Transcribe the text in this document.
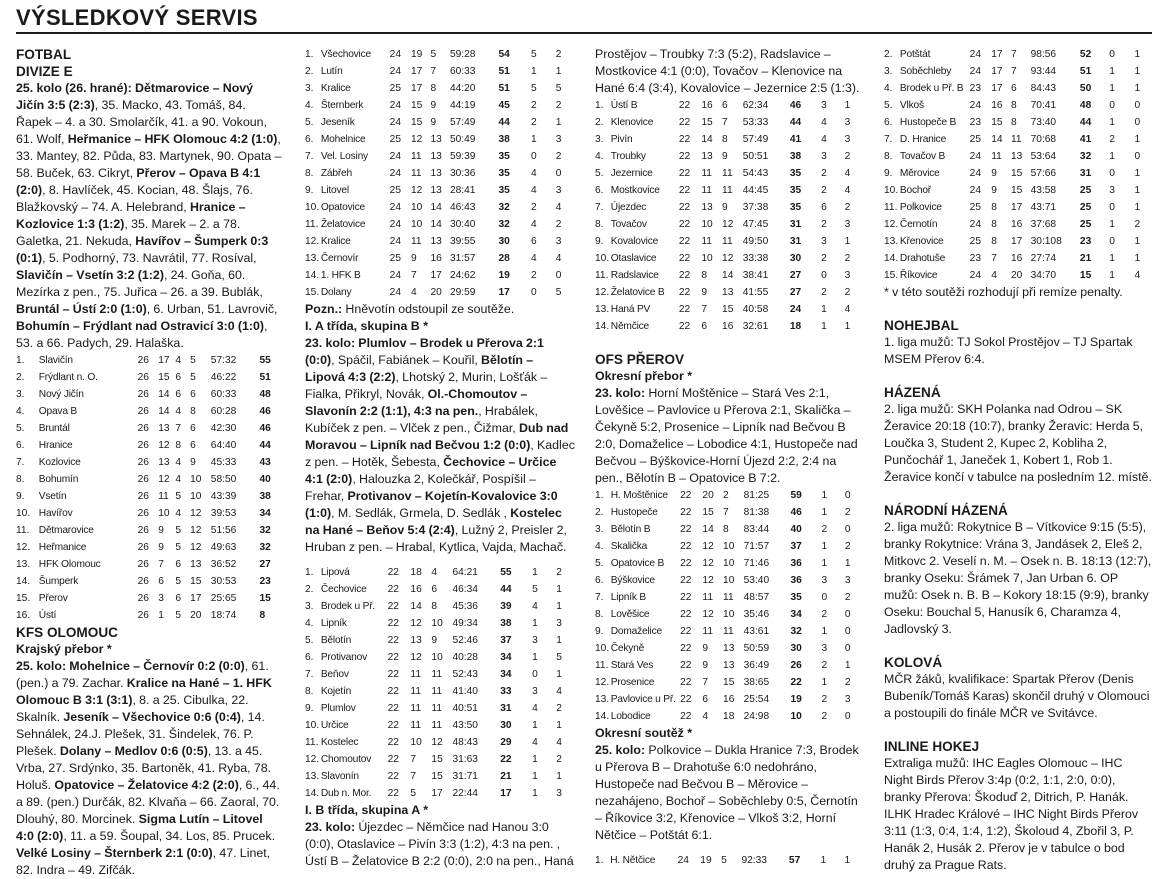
VÝSLEDKOVÝ SERVIS

FOTBAL

DIVIZE E

25. kolo (26. hrané): Dětmarovice – Nový Jičín 3:5 (2:3), 35. Macko, 43. Tomáš, 84. Řapek – 4. a 30. Smolarčík, 41. a 90. Vokoun, 61. Wolf, Heřmanice – HFK Olomouc 4:2 (1:0), 33. Mantey, 82. Půda, 83. Martynek, 90. Opata – 58. Buček, 63. Cikryt, Přerov – Opava B 4:1 (2:0), 8. Havlíček, 45. Kocian, 48. Šlajs, 76. Blažkovský – 74. A. Helebrand, Hranice – Kozlovice 1:3 (1:2), 35. Marek – 2. a 78. Galetka, 21. Nekuda, Havířov – Šumperk 0:3 (0:1), 5. Podhorný, 73. Navrátil, 77. Rosíval, Slavičín – Vsetín 3:2 (1:2), 24. Goňa, 60. Mezírka z pen., 75. Juřica – 26. a 39. Bublák, Bruntál – Ústí 2:0 (1:0), 6. Urban, 51. Lavrovič, Bohumín – Frýdlant nad Ostravicí 3:0 (1:0), 53. a 66. Padych, 29. Halaška.

1.	Slavičín	26	17	4	5	57:32	55
2.	Frýdlant n. O.	26	15	6	5	46:22	51
3.	Nový Jičín	26	14	6	6	60:33	48
4.	Opava B	26	14	4	8	60:28	46
5.	Bruntál	26	13	7	6	42:30	46
6.	Hranice	26	12	8	6	64:40	44
7.	Kozlovice	26	13	4	9	45:33	43
8.	Bohumín	26	12	4	10	58:50	40
9.	Vsetín	26	11	5	10	43:39	38
10.	Havířov	26	10	4	12	39:53	34
11.	Dětmarovice	26	9	5	12	51:56	32
12.	Heřmanice	26	9	5	12	49:63	32
13.	HFK Olomouc	26	7	6	13	36:52	27
14.	Šumperk	26	6	5	15	30:53	23
15.	Přerov	26	3	6	17	25:65	15
16.	Ústí	26	1	5	20	18:74	8

KFS OLOMOUC

Krajský přebor *

25. kolo: Mohelnice – Černovír 0:2 (0:0), 61. (pen.) a 79. Zachar. Kralice na Hané – 1. HFK Olomouc B 3:1 (3:1), 8. a 25. Cibulka, 22. Skalník. Jeseník – Všechovice 0:6 (0:4), 14. Sehnálek, 24.J. Plešek, 31. Šindelek, 76. P. Plešek. Dolany – Medlov 0:6 (0:5), 13. a 45. Vrba, 27. Srdýnko, 35. Bartoněk, 41. Ryba, 78. Holuš. Opatovice – Želatovice 4:2 (2:0), 6., 44. a 89. (pen.) Durčák, 82. Klvaňa – 66. Zaoral, 70. Dlouhý, 80. Morcinek. Sigma Lutín – Litovel 4:0 (2:0), 11. a 59. Šoupal, 34. Los, 85. Prucek. Velké Losiny – Šternberk 2:1 (0:0), 47. Linet, 82. Indra – 49. Zifčák.

1.	Všechovice	24	19	5	59:28	54	5	2
2.	Lutín	24	17	7	60:33	51	1	1
3.	Kralice	25	17	8	44:20	51	5	5
4.	Šternberk	24	15	9	44:19	45	2	2
5.	Jeseník	24	15	9	57:49	44	2	1
6.	Mohelnice	25	12	13	50:49	38	1	3
7.	Vel. Losiny	24	11	13	59:39	35	0	2
8.	Zábřeh	24	11	13	30:36	35	4	0
9.	Litovel	25	12	13	28:41	35	4	3
10.	Opatovice	24	10	14	46:43	32	2	4
11.	Želatovice	24	10	14	30:40	32	4	2
12.	Kralice	24	11	13	39:55	30	6	3
13.	Černovír	25	9	16	31:57	28	4	4
14.	1. HFK B	24	7	17	24:62	19	2	0
15.	Dolany	24	4	20	29:59	17	0	5

Pozn.: Hněvotín odstoupil ze soutěže.

I. A třída, skupina B *

23. kolo: Plumlov – Brodek u Přerova 2:1 (0:0), Spáčil, Fabiánek – Kouřil, Bělotín – Lipová 4:3 (2:2), Lhotský 2, Murin, Lošťák – Fialka, Přikryl, Novák, Ol.-Chomoutov – Slavonín 2:2 (1:1), 4:3 na pen., Hrabálek, Kubíček z pen. – Vlček z pen., Čižmar, Dub nad Moravou – Lipník nad Bečvou 1:2 (0:0), Kadlec z pen. – Hotěk, Šebesta, Čechovice – Určice 4:1 (2:0), Halouzka 2, Kolečkář, Pospíšil – Frehar, Protivanov – Kojetín-Kovalovice 3:0 (1:0), M. Sedlák, Grmela, D. Sedlák , Kostelec na Hané – Beňov 5:4 (2:4), Lužný 2, Preisler 2, Hruban z pen. – Hrabal, Kytlica, Vajda, Machač.

1.	Lipová	22	18	4	64:21	55	1	2
2.	Čechovice	22	16	6	46:34	44	5	1
3.	Brodek u Př.	22	14	8	45:36	39	4	1
4.	Lipník	22	12	10	49:34	38	1	3
5.	Bělotín	22	13	9	52:46	37	3	1
6.	Protivanov	22	12	10	40:28	34	1	5
7.	Beňov	22	11	11	52:43	34	0	1
8.	Kojetín	22	11	11	41:40	33	3	4
9.	Plumlov	22	11	11	40:51	31	4	2
10.	Určice	22	11	11	43:50	30	1	1
11.	Kostelec	22	10	12	48:43	29	4	4
12.	Chomoutov	22	7	15	31:63	22	1	2
13.	Slavonín	22	7	15	31:71	21	1	1
14.	Dub n. Mor.	22	5	17	22:44	17	1	3

I. B třída, skupina A *

23. kolo: Újezdec – Němčice nad Hanou 3:0 (0:0), Otaslavice – Pivín 3:3 (1:2), 4:3 na pen. , Ústí B – Želatovice B 2:2 (0:0), 2:0 na pen., Haná

Prostějov – Troubky 7:3 (5:2), Radslavice – Mostkovice 4:1 (0:0), Tovačov – Klenovice na Hané 6:4 (3:4), Kovalovice – Jezernice 2:5 (1:3).

1.	Ústí B	22	16	6	62:34	46	3	1
2.	Klenovice	22	15	7	53:33	44	4	3
3.	Pivín	22	14	8	57:49	41	4	3
4.	Troubky	22	13	9	50:51	38	3	2
5.	Jezernice	22	11	11	54:43	35	2	4
6.	Mostkovice	22	11	11	44:45	35	2	4
7.	Újezdec	22	13	9	37:38	35	6	2
8.	Tovačov	22	10	12	47:45	31	2	3
9.	Kovalovice	22	11	11	49:50	31	3	1
10.	Otaslavice	22	10	12	33:38	30	2	2
11.	Radslavice	22	8	14	38:41	27	0	3
12.	Želatovice B	22	9	13	41:55	27	2	2
13.	Haná PV	22	7	15	40:58	24	1	4
14.	Němčice	22	6	16	32:61	18	1	1

OFS PŘEROV

Okresní přebor *

23. kolo: Horní Moštěnice – Stará Ves 2:1, Lověšice – Pavlovice u Přerova 2:1, Skalička – Čekyně 5:2, Prosenice – Lipník nad Bečvou B 2:0, Domaželice – Lobodice 4:1, Hustopeče nad Bečvou – Býškovice-Horní Újezd 2:2, 2:4 na pen., Bělotín B – Opatovice B 7:2.

1.	H. Moštěnice	22	20	2	81:25	59	1	0
2.	Hustopeče	22	15	7	81:38	46	1	2
3.	Bělotín B	22	14	8	83:44	40	2	0
4.	Skalička	22	12	10	71:57	37	1	2
5.	Opatovice B	22	12	10	71:46	36	1	1
6.	Býškovice	22	12	10	53:40	36	3	3
7.	Lipník B	22	11	11	48:57	35	0	2
8.	Lověšice	22	12	10	35:46	34	2	0
9.	Domaželice	22	11	11	43:61	32	1	0
10.	Čekyně	22	9	13	50:59	30	3	0
11.	Stará Ves	22	9	13	36:49	26	2	1
12.	Prosenice	22	7	15	38:65	22	1	2
13.	Pavlovice u Př.	22	6	16	25:54	19	2	3
14.	Lobodice	22	4	18	24:98	10	2	0

Okresní soutěž *

25. kolo: Polkovice – Dukla Hranice 7:3, Brodek u Přerova B – Drahotuše 6:0 nedohráno, Hustopeče nad Bečvou B – Měrovice – nezahájeno, Bochoř – Soběchleby 0:5, Černotín – Říkovice 3:2, Křenovice – Vlkoš 3:2, Horní Nětčice – Potštát 6:1.

1.	H. Nětčice	24	19	5	92:33	57	1	1
2.	Potštát	24	17	7	98:56	52	0	1
3.	Soběchleby	24	17	7	93:44	51	1	1
4.	Brodek u Př. B	23	17	6	84:43	50	1	1
5.	Vlkoš	24	16	8	70:41	48	0	0
6.	Hustopeče B	23	15	8	73:40	44	1	0
7.	D. Hranice	25	14	11	70:68	41	2	1
8.	Tovačov B	24	11	13	53:64	32	1	0
9.	Měrovice	24	9	15	57:66	31	0	1
10.	Bochoř	24	9	15	43:58	25	3	1
11.	Polkovice	25	8	17	43:71	25	0	1
12.	Černotín	24	8	16	37:68	25	1	2
13.	Křenovice	25	8	17	30:108	23	0	1
14.	Drahotuše	23	7	16	27:74	21	1	1
15.	Říkovice	24	4	20	34:70	15	1	4

* v této soutěži rozhodují při remíze penalty.

NOHEJBAL

1. liga mužů: TJ Sokol Prostějov – TJ Spartak MSEM Přerov 6:4.

HÁZENÁ

2. liga mužů: SKH Polanka nad Odrou – SK Žeravice 20:18 (10:7), branky Žeravic: Herda 5, Loučka 3, Student 2, Kupec 2, Kobliha 2, Punčochář 1, Janeček 1, Kobert 1, Rob 1. Žeravice končí v tabulce na posledním 12. místě.

NÁRODNÍ HÁZENÁ

2. liga mužů: Rokytnice B – Vítkovice 9:15 (5:5), branky Rokytnice: Vrána 3, Jandásek 2, Eleš 2, Mitkovc 2. Veselí n. M. – Osek n. B. 18:13 (12:7), branky Oseku: Šrámek 7, Jan Urban 6. OP mužů: Osek n. B. B – Kokory 18:15 (9:9), branky Oseku: Bouchal 5, Hanusík 6, Charamza 4, Jadlovský 3.

KOLOVÁ

MČR žáků, kvalifikace: Spartak Přerov (Denis Bubeník/Tomáš Karas) skončil druhý v Olomouci a postoupili do finále MČR ve Svitávce.

INLINE HOKEJ

Extraliga mužů: IHC Eagles Olomouc – IHC Night Birds Přerov 3:4p (0:2, 1:1, 2:0, 0:0), branky Přerova: Škoduď 2, Ditrich, P. Hanák. ILHK Hradec Králové – IHC Night Birds Přerov 3:11 (1:3, 0:4, 1:4, 1:2), Školoud 4, Zbořil 3, P. Hanák 2, Husák 2. Přerov je v tabulce o bod druhý za Prague Rats.
